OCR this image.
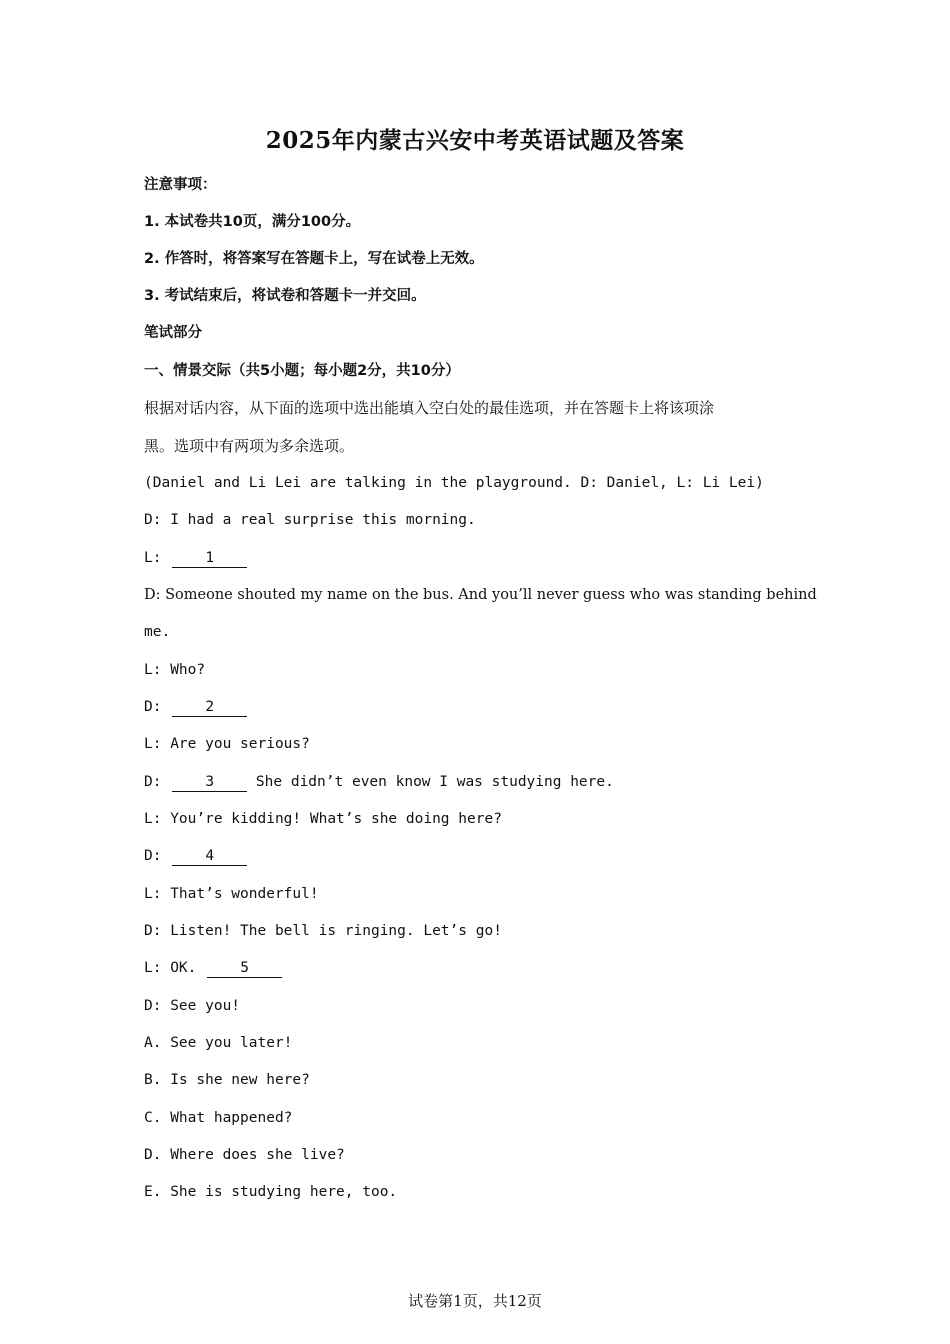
2025年内蒙古兴安中考英语试题及答案
注意事项：
1. 本试卷共10页，满分100分。
2. 作答时，将答案写在答题卡上，写在试卷上无效。
3. 考试结束后，将试卷和答题卡一并交回。
笔试部分
一、情景交际（共5小题；每小题2分，共10分）
根据对话内容，从下面的选项中选出能填入空白处的最佳选项，并在答题卡上将该项涂
黑。选项中有两项为多余选项。
(Daniel and Li Lei are talking in the playground. D: Daniel, L: Li Lei)
D: I had a real surprise this morning.
L: 1
D: Someone shouted my name on the bus. And you’ll never guess who was standing behind
me.
L: Who?
D: 2
L: Are you serious?
D: 3 She didn’t even know I was studying here.
L: You’re kidding! What’s she doing here?
D: 4
L: That’s wonderful!
D: Listen! The bell is ringing. Let’s go!
L: OK. 5
D: See you!
A. See you later!
B. Is she new here?
C. What happened?
D. Where does she live?
E. She is studying here, too.
试卷第1页，共12页
